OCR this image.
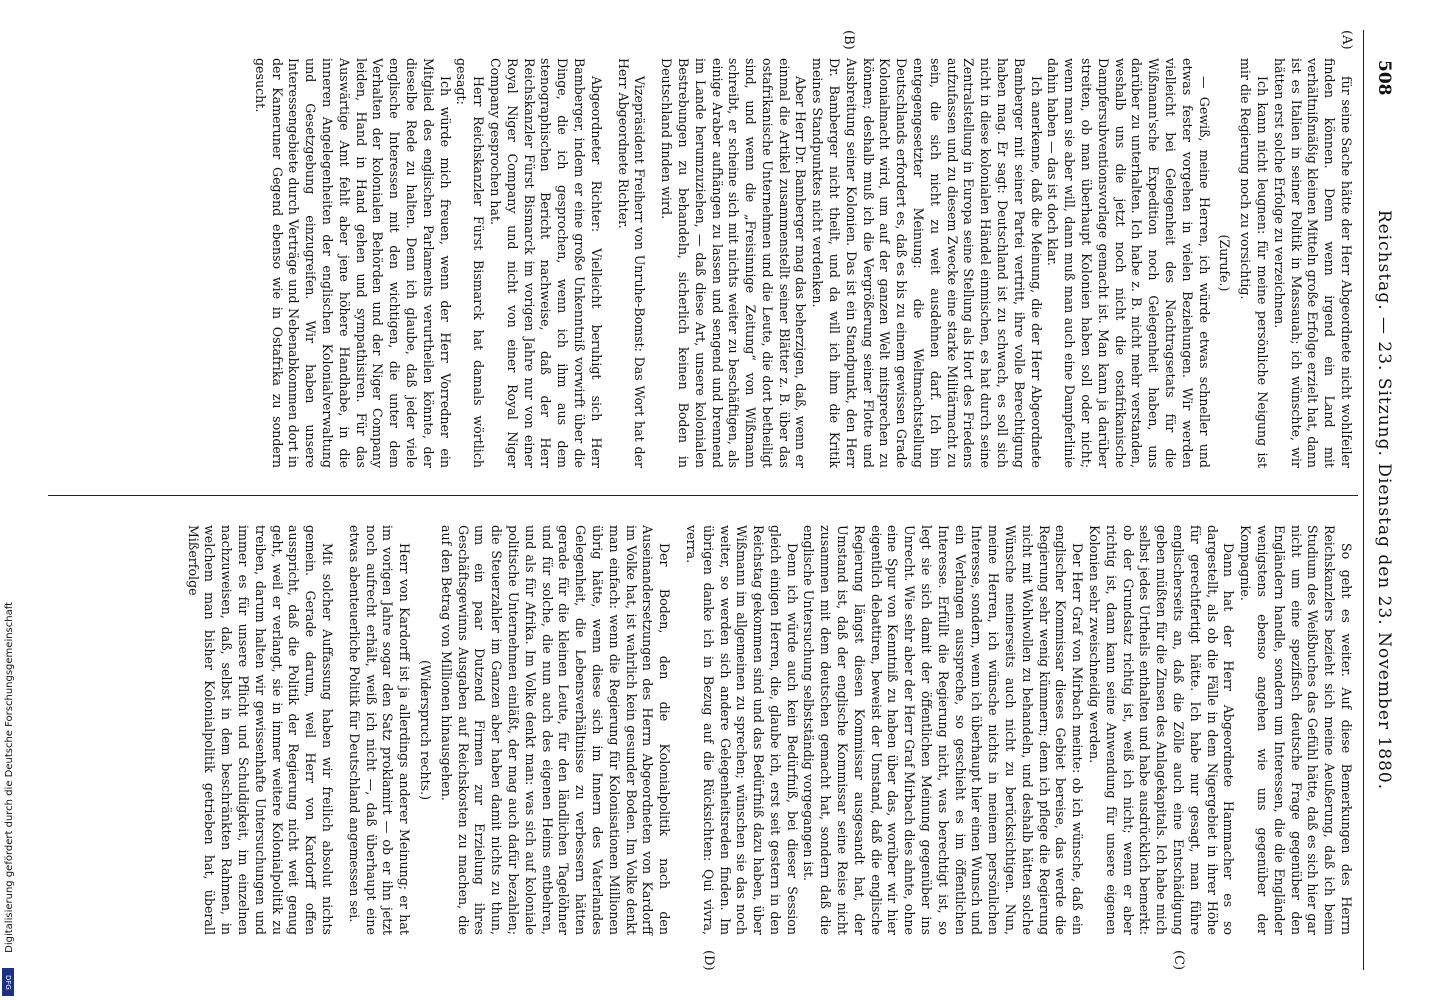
508
Reichstag. — 23. Sitzung. Dienstag den 23. November 1880.
(A)
(B)
(C)
(D)

für seine Sache hätte der Herr Abgeordnete nicht wohlfeiler finden können. Denn wenn irgend ein Land mit verhältnißmäßig kleinen Mitteln große Erfolge erzielt hat, dann ist es Italien in seiner Politik in Massauah; ich wünschte, wir hätten erst solche Erfolge zu verzeichnen.

Ich kann nicht leugnen: für meine persönliche Neigung ist mir die Regierung noch zu vorsichtig.

(Zurufe.)

— Gewiß, meine Herren, ich würde etwas schneller und etwas fester vorgehen in vielen Beziehungen. Wir werden vielleicht bei Gelegenheit des Nachtragsetats für die Wißmann'sche Expedition noch Gelegenheit haben, uns darüber zu unterhalten. Ich habe z. B. nicht mehr verstanden, weshalb uns die jetzt noch nicht die ostafrikanische Dampfersubventionsvorlage gemacht ist. Man kann ja darüber streiten, ob man überhaupt Kolonien haben soll oder nicht; wenn man sie aber will, dann muß man auch eine Dampferlinie dahin haben — das ist doch klar.

Ich anerkenne, daß die Meinung, die der Herr Abgeordnete Bamberger mit seiner Partei vertritt, ihre volle Berechtigung haben mag. Er sagt: Deutschland ist zu schwach, es soll sich nicht in diese kolonialen Händel einmischen, es hat durch seine Zentralstellung in Europa seine Stellung als Hort des Friedens aufzufassen und zu diesem Zwecke eine starke Militärmacht zu sein, die sich nicht zu weit ausdehnen darf. Ich bin entgegengesetzter Meinung: die Weltmachtstellung Deutschlands erfordert es, daß es bis zu einem gewissen Grade Kolonialmacht wird, um auf der ganzen Welt mitsprechen zu können; deshalb muß ich die Vergrößerung seiner Flotte und Ausbreitung seiner Kolonien. Das ist ein Standpunkt, den Herr Dr. Bamberger nicht theilt, und da will ich ihm die Kritik meines Standpunktes nicht verdenken.

Aber Herr Dr. Bamberger mag das beherzigen, daß, wenn er einmal die Artikel zusammenstellt seiner Blätter z. B. über das ostafrikanische Unternehmen und die Leute, die dort betheiligt sind, und wenn die „Freisinnige Zeitung“ von Wißmann schreibt, er scheine sich mit nichts weiter zu beschäftigen, als einige Araber aufhängen zu lassen und sengend und brennend im Lande herumzuziehen, — daß diese Art, unsere kolonialen Bestrebungen zu behandeln, sicherlich keinen Boden in Deutschland finden wird.

Vizepräsident Freiherr von Unruhe-Bomst: Das Wort hat der Herr Abgeordnete Richter.

Abgeordneter Richter: Vielleicht beruhigt sich Herr Bamberger, indem er eine große Unkenntniß vorwirft über die Dinge, die ich gesprochen, wenn ich ihm aus dem stenographischen Bericht nachweise, daß der Herr Reichskanzler Fürst Bismarck im vorigen Jahre nur von einer Royal Niger Company und nicht von einer Royal Niger Company gesprochen hat.

Herr Reichskanzler Fürst Bismarck hat damals wörtlich gesagt:

Ich würde mich freuen, wenn der Herr Vorredner ein Mitglied des englischen Parlaments verurtheilen könnte, der dieselbe Rede zu halten. Denn ich glaube, daß jeder viele englische Interessen mit den wichtigen, die unter dem Verhalten der kolonialen Behörden und der Niger Company leiden, Hand in Hand gehen und sympathisiren. Für das Auswärtige Amt fehlt aber jene höhere Handhabe, in die inneren Angelegenheiten der englischen Kolonialverwaltung und Gesetzgebung einzugreifen. Wir haben unsere Interessengebiete durch Verträge und Nebenabkommen dort in der Kameruner Gegend ebenso wie in Ostafrika zu sondern gesucht.

So geht es weiter. Auf diese Bemerkungen des Herrn Reichskanzlers bezieht sich meine Aeußerung, daß ich beim Studium des Weißbuches das Gefühl hätte, daß es sich hier gar nicht um eine spezifisch deutsche Frage gegenüber den Engländern handle, sondern um Interessen, die die Engländer wenigstens ebenso angehen wie uns gegenüber der Kompagnie.

Dann hat der Herr Abgeordnete Hammacher es so dargestellt, als ob die Fälle in dem Nigergebiet in ihrer Höhe für gerechtfertigt hätte. Ich habe nur gesagt, man führe englischerseits an, daß die Zölle auch eine Entschädigung geben müßten für die Zinsen des Anlagekapitals. Ich habe mich selbst jedes Urtheils enthalten und habe ausdrücklich bemerkt: ob der Grundsatz richtig ist, weiß ich nicht; wenn er aber richtig ist, dann kann seine Anwendung für unsere eigenen Kolonien sehr zweischneidig werden.

Der Herr Graf von Mirbach meinte: ob ich wünsche, daß ein englischer Kommissar dieses Gebiet bereise, das werde die Regierung sehr wenig kümmern; denn ich pflege die Regierung nicht mit Wohlwollen zu behandeln, und deshalb hätten solche Wünsche meinerseits auch nicht zu berücksichtigen. Nun, meine Herren, ich wünsche nichts in meinem persönlichen Interesse, sondern, wenn ich überhaupt hier einen Wunsch und ein Verlangen ausspreche, so geschieht es im öffentlichen Interesse. Erfüllt die Regierung nicht, was berechtigt ist, so legt sie sich damit der öffentlichen Meinung gegenüber ins Unrecht. Wie sehr aber der Herr Graf Mirbach dies ahnte, ohne eine Spur von Kenntniß zu haben über das, worüber wir hier eigentlich debattiren, beweist der Umstand, daß die englische Regierung längst diesen Kommissar ausgesandt hat, der Umstand ist, daß der englische Kommissar seine Reise nicht zusammen mit dem deutschen gemacht hat, sondern daß die englische Untersuchung selbstständig vorgegangen ist.

Denn ich würde auch kein Bedürfniß, bei dieser Session gleich einigen Herren, die, glaube ich, erst seit gestern in den Reichstag gekommen sind und das Bedürfniß dazu haben, über Wißmann im allgemeinen zu sprechen; wünschen sie das noch weiter, so werden sich andere Gelegenheitsreden finden. Im übrigen danke ich in Bezug auf die Rücksichten: Qui vivra, verra.

Der Boden, den die Kolonialpolitik nach den Auseinandersetzungen des Herrn Abgeordneten von Kardorff im Volke hat, ist wahrlich kein gesunder Boden. Im Volke denkt man einfach: wenn die Regierung für Kolonisationen Millionen übrig hätte, wenn diese sich im Innern des Vaterlandes Gelegenheit, die Lebensverhältnisse zu verbessern hätten gerade für die kleinen Leute, für den ländlichen Tagelöhner und für solche, die nun auch des eigenen Heims entbehren, und als für Afrika. Im Volke denkt man: was sich auf koloniale politische Unternehmen einläßt, der mag auch dafür bezahlen; die Steuerzahler im Ganzen aber haben damit nichts zu thun, um ein paar Dutzend Firmen zur Erzielung ihres Geschäftsgewinns Ausgaben auf Reichskosten zu machen, die auf den Betrag von Millionen hinausgehen.

(Widerspruch rechts.)

Herr von Kardorff ist ja allerdings anderer Meinung; er hat im vorigen Jahre sogar den Satz proklamirt — ob er ihn jetzt noch aufrecht erhält, weiß ich nicht —, daß überhaupt eine etwas abenteuerliche Politik für Deutschland angemessen sei.

Mit solcher Auffassung haben wir freilich absolut nichts gemein. Gerade darum, weil Herr von Kardorff offen ausspricht, daß die Politik der Regierung nicht weit genug geht, weil er verlangt, sie in immer weitere Kolonialpolitik zu treiben, darum halten wir gewissenhafte Untersuchungen und immer es für unsere Pflicht und Schuldigkeit, im einzelnen nachzuweisen, daß, selbst in dem beschränkten Rahmen, in welchem man bisher Kolonialpolitik getrieben hat, überall Mißerfolge

Digitalisierung gefördert durch die Deutsche Forschungsgemeinschaft
DFG
